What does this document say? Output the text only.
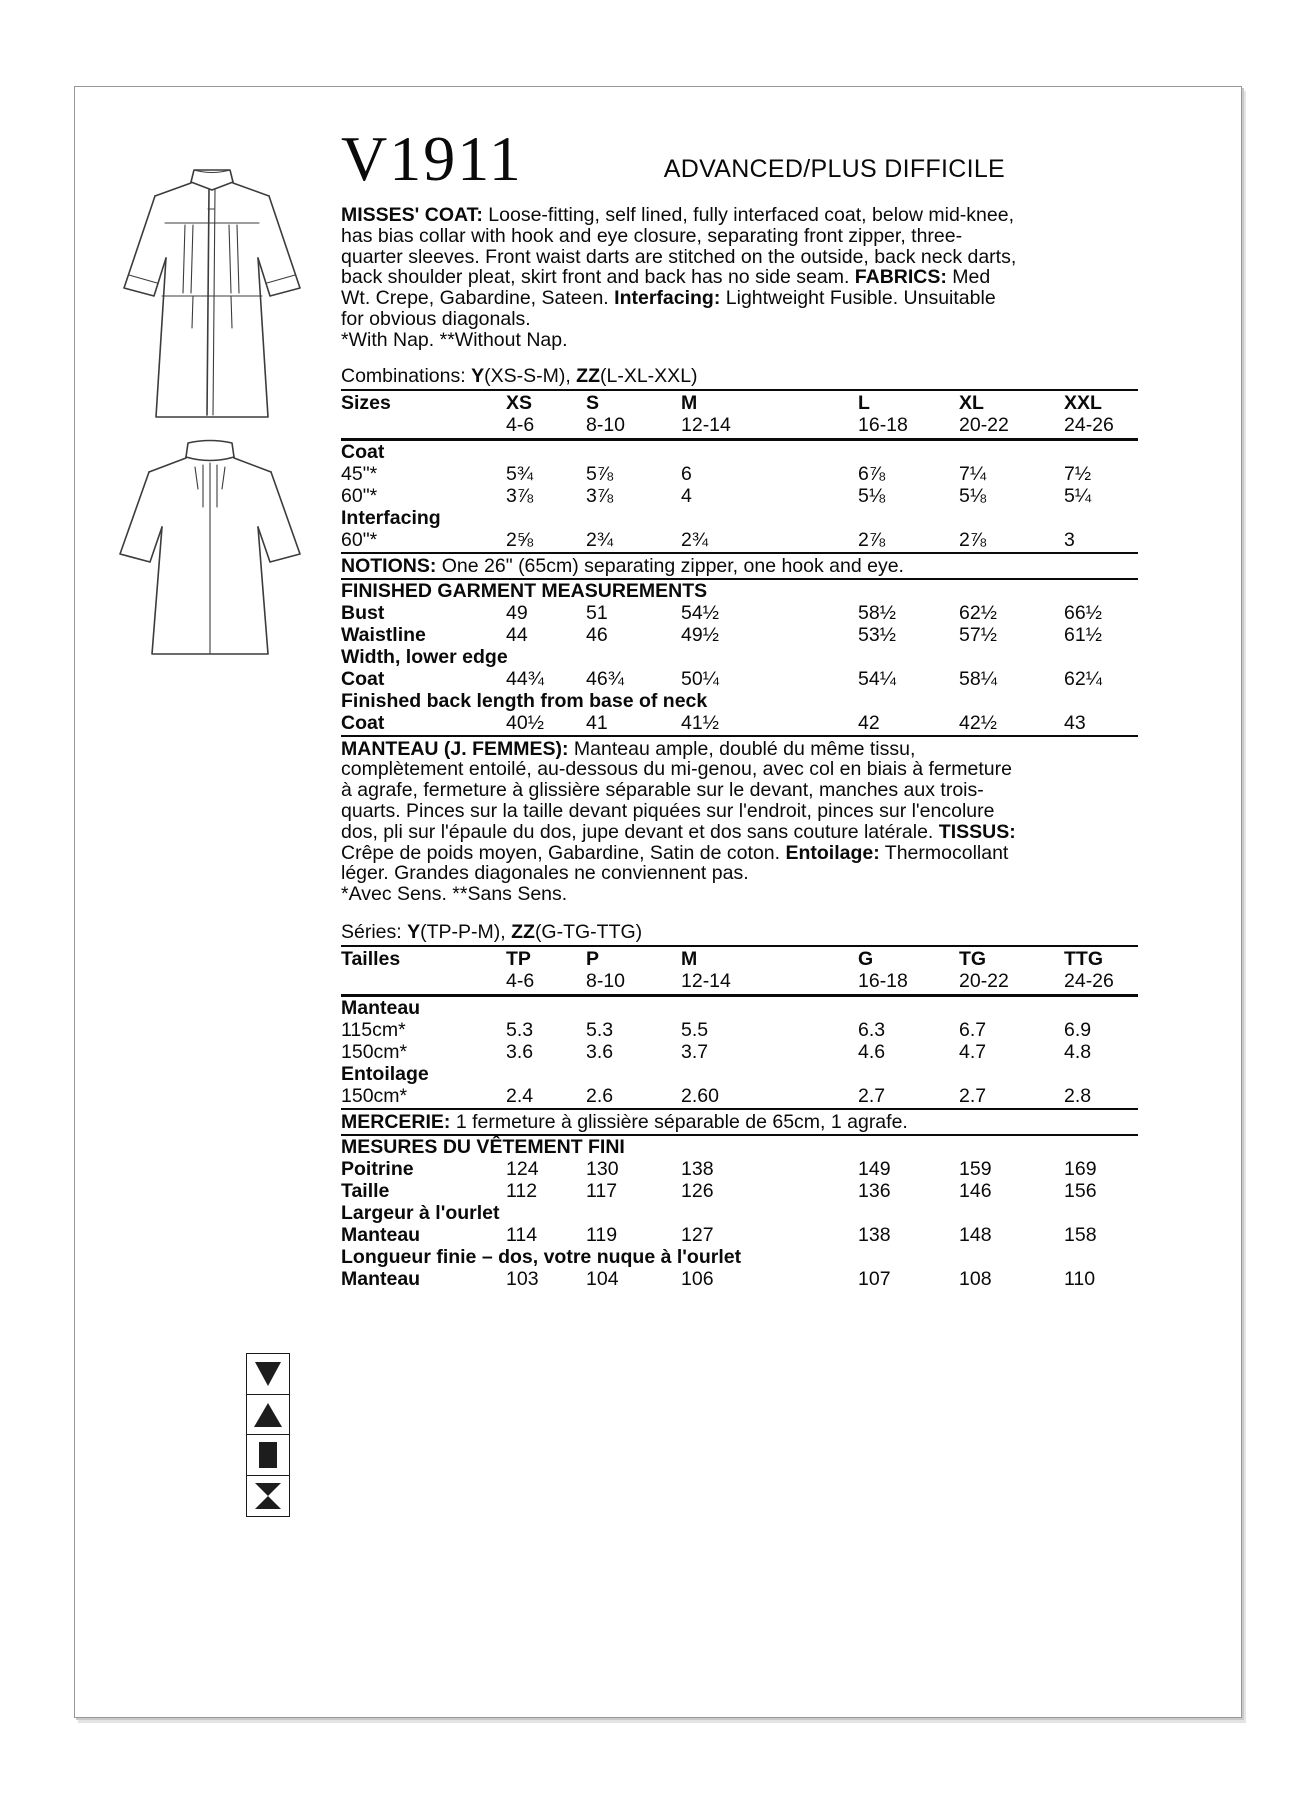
V1911	ADVANCED/PLUS DIFFICILE
MISSES' COAT: Loose-fitting, self lined, fully interfaced coat, below mid-knee, has bias collar with hook and eye closure, separating front zipper, three-quarter sleeves. Front waist darts are stitched on the outside, back neck darts, back shoulder pleat, skirt front and back has no side seam. FABRICS: Med Wt. Crepe, Gabardine, Sateen. Interfacing: Lightweight Fusible. Unsuitable for obvious diagonals.
*With Nap. **Without Nap.
Combinations: Y(XS-S-M), ZZ(L-XL-XXL)
Sizes	XS	S	M	L	XL	XXL
4-6	8-10	12-14	16-18	20-22	24-26
Coat
45"*	5¾	5⅞	6	6⅞	7¼	7½
60"*	3⅞	3⅞	4	5⅛	5⅛	5¼
Interfacing
60"*	2⅝	2¾	2¾	2⅞	2⅞	3
NOTIONS: One 26" (65cm) separating zipper, one hook and eye.
FINISHED GARMENT MEASUREMENTS
Bust	49	51	54½	58½	62½	66½
Waistline	44	46	49½	53½	57½	61½
Width, lower edge
Coat	44¾	46¾	50¼	54¼	58¼	62¼
Finished back length from base of neck
Coat	40½	41	41½	42	42½	43
MANTEAU (J. FEMMES): Manteau ample, doublé du même tissu, complètement entoilé, au-dessous du mi-genou, avec col en biais à fermeture à agrafe, fermeture à glissière séparable sur le devant, manches aux trois-quarts. Pinces sur la taille devant piquées sur l'endroit, pinces sur l'encolure dos, pli sur l'épaule du dos, jupe devant et dos sans couture latérale. TISSUS: Crêpe de poids moyen, Gabardine, Satin de coton. Entoilage: Thermocollant léger. Grandes diagonales ne conviennent pas.
*Avec Sens. **Sans Sens.
Séries: Y(TP-P-M), ZZ(G-TG-TTG)
Tailles	TP	P	M	G	TG	TTG
4-6	8-10	12-14	16-18	20-22	24-26
Manteau
115cm*	5.3	5.3	5.5	6.3	6.7	6.9
150cm*	3.6	3.6	3.7	4.6	4.7	4.8
Entoilage
150cm*	2.4	2.6	2.60	2.7	2.7	2.8
MERCERIE: 1 fermeture à glissière séparable de 65cm, 1 agrafe.
MESURES DU VÊTEMENT FINI
Poitrine	124	130	138	149	159	169
Taille	112	117	126	136	146	156
Largeur à l'ourlet
Manteau	114	119	127	138	148	158
Longueur finie – dos, votre nuque à l'ourlet
Manteau	103	104	106	107	108	110
